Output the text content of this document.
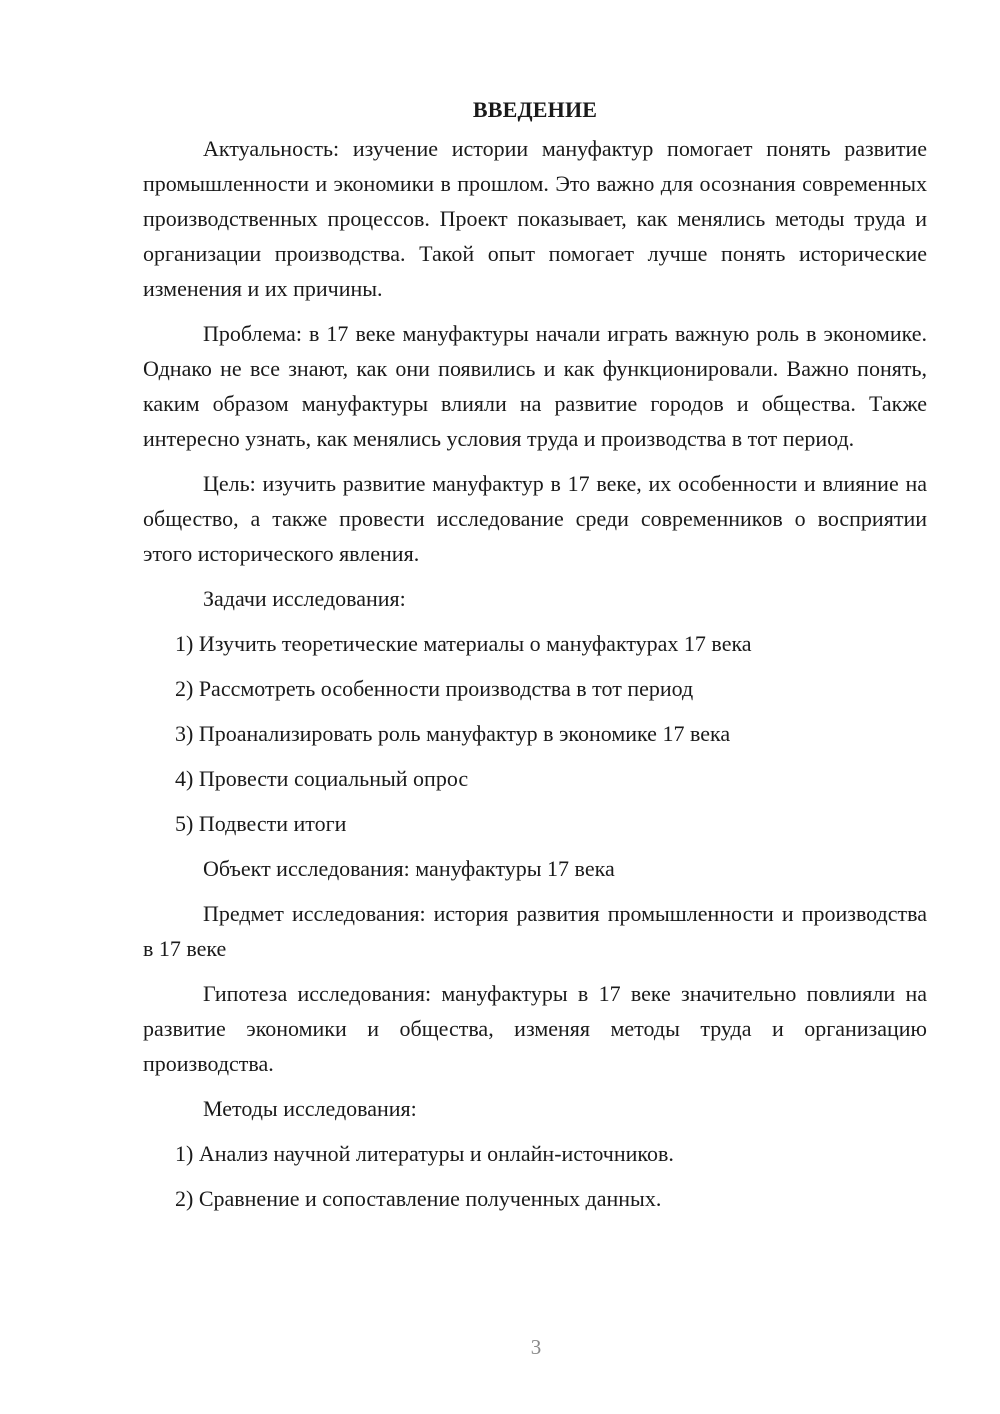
ВВЕДЕНИЕ

Актуальность: изучение истории мануфактур помогает понять развитие промышленности и экономики в прошлом. Это важно для осознания современных производственных процессов. Проект показывает, как менялись методы труда и организации производства. Такой опыт помогает лучше понять исторические изменения и их причины.

Проблема: в 17 веке мануфактуры начали играть важную роль в экономике. Однако не все знают, как они появились и как функционировали. Важно понять, каким образом мануфактуры влияли на развитие городов и общества. Также интересно узнать, как менялись условия труда и производства в тот период.

Цель: изучить развитие мануфактур в 17 веке, их особенности и влияние на общество, а также провести исследование среди современников о восприятии этого исторического явления.

Задачи исследования:

1) Изучить теоретические материалы о мануфактурах 17 века

2) Рассмотреть особенности производства в тот период

3) Проанализировать роль мануфактур в экономике 17 века

4) Провести социальный опрос

5) Подвести итоги

Объект исследования: мануфактуры 17 века

Предмет исследования: история развития промышленности и производства в 17 веке

Гипотеза исследования: мануфактуры в 17 веке значительно повлияли на развитие экономики и общества, изменяя методы труда и организацию производства.

Методы исследования:

1) Анализ научной литературы и онлайн-источников.

2) Сравнение и сопоставление полученных данных.

3
